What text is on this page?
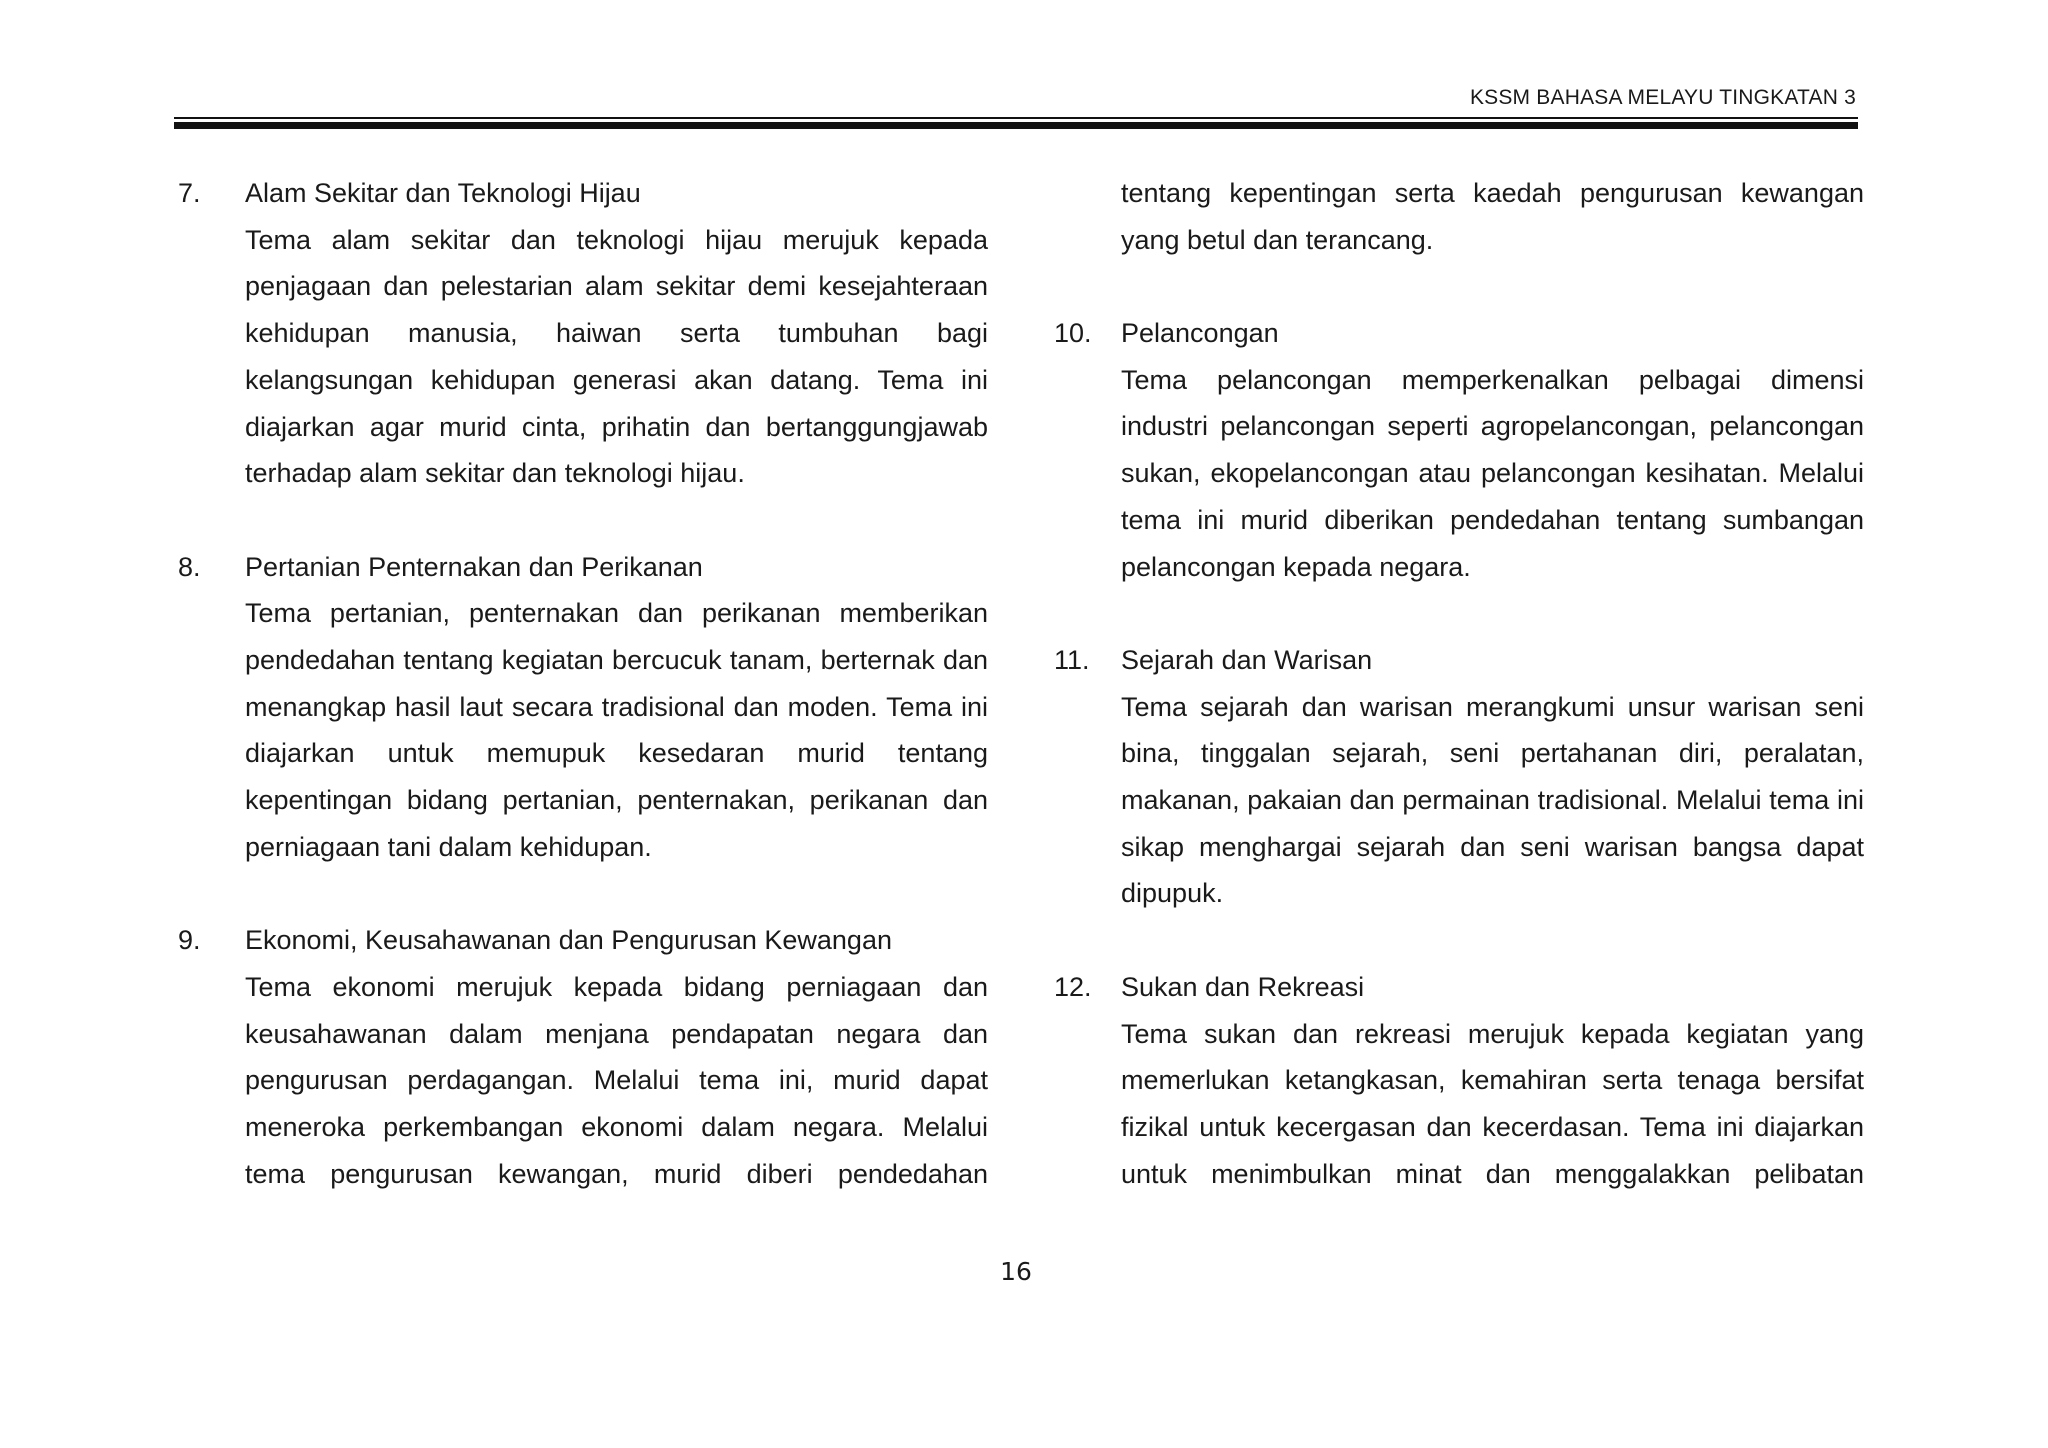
KSSM BAHASA MELAYU TINGKATAN 3
7.	Alam Sekitar dan Teknologi Hijau
Tema alam sekitar dan teknologi hijau merujuk kepada penjagaan dan pelestarian alam sekitar demi kesejahteraan kehidupan manusia, haiwan serta tumbuhan bagi kelangsungan kehidupan generasi akan datang. Tema ini diajarkan agar murid cinta, prihatin dan bertanggungjawab terhadap alam sekitar dan teknologi hijau.
8.	Pertanian Penternakan dan Perikanan
Tema pertanian, penternakan dan perikanan memberikan pendedahan tentang kegiatan bercucuk tanam, berternak dan menangkap hasil laut secara tradisional dan moden. Tema ini diajarkan untuk memupuk kesedaran murid tentang kepentingan bidang pertanian, penternakan, perikanan dan perniagaan tani dalam kehidupan.
9.	Ekonomi, Keusahawanan dan Pengurusan Kewangan
Tema ekonomi merujuk kepada bidang perniagaan dan keusahawanan dalam menjana pendapatan negara dan pengurusan perdagangan. Melalui tema ini, murid dapat meneroka perkembangan ekonomi dalam negara. Melalui tema pengurusan kewangan, murid diberi pendedahan
tentang kepentingan serta kaedah pengurusan kewangan yang betul dan terancang.
10.	Pelancongan
Tema pelancongan memperkenalkan pelbagai dimensi industri pelancongan seperti agropelancongan, pelancongan sukan, ekopelancongan atau pelancongan kesihatan. Melalui tema ini murid diberikan pendedahan tentang sumbangan pelancongan kepada negara.
11.	Sejarah dan Warisan
Tema sejarah dan warisan merangkumi unsur warisan seni bina, tinggalan sejarah, seni pertahanan diri, peralatan, makanan, pakaian dan permainan tradisional. Melalui tema ini sikap menghargai sejarah dan seni warisan bangsa dapat dipupuk.
12.	Sukan dan Rekreasi
Tema sukan dan rekreasi merujuk kepada kegiatan yang memerlukan ketangkasan, kemahiran serta tenaga bersifat fizikal untuk kecergasan dan kecerdasan. Tema ini diajarkan untuk menimbulkan minat dan menggalakkan pelibatan
16
